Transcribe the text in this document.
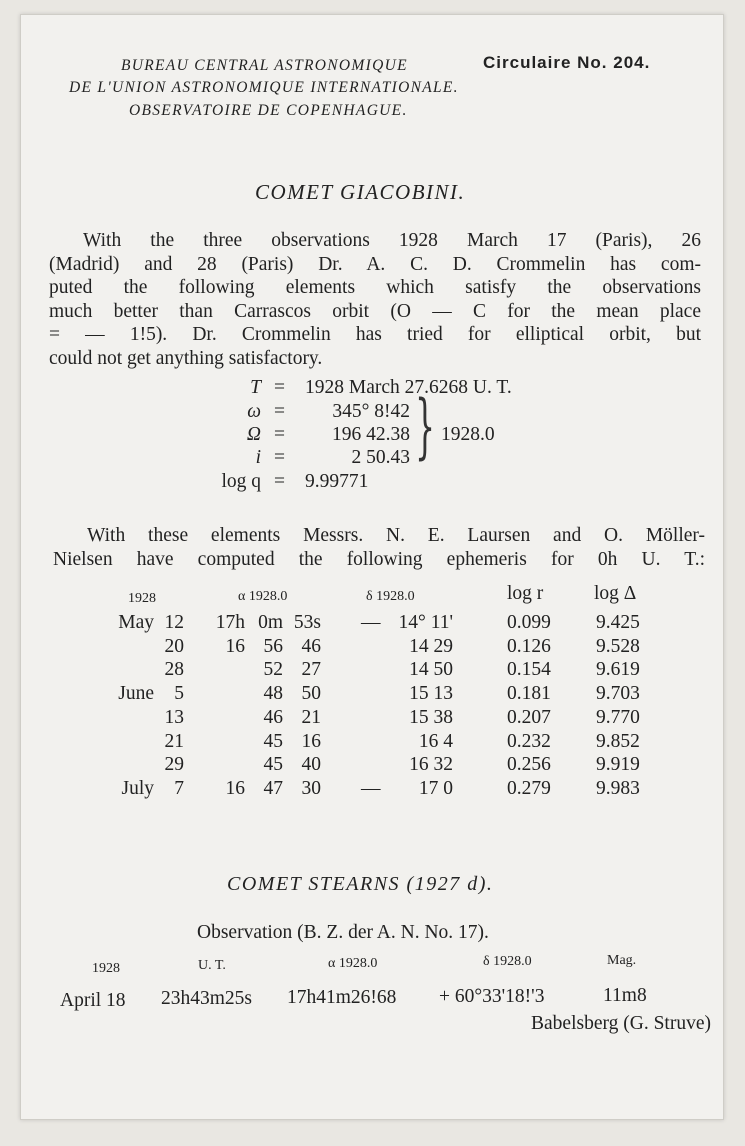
BUREAU CENTRAL ASTRONOMIQUE	Circulaire No. 204.
DE L'UNION ASTRONOMIQUE INTERNATIONALE.
OBSERVATOIRE DE COPENHAGUE.
COMET GIACOBINI.
With the three observations 1928 March 17 (Paris), 26
(Madrid) and 28 (Paris) Dr. A. C. D. Crommelin has com-
puted the following elements which satisfy the observations
much better than Carrascos orbit (O — C for the mean place
= — 1!5). Dr. Crommelin has tried for elliptical orbit, but
could not get anything satisfactory.
T = 1928 March 27.6268 U. T.
ω = 345° 8!42
Ω = 196 42.38
i =	2 50.43
log q = 9.99771
} 1928.0
With these elements Messrs. N. E. Laursen and O. Möller-
Nielsen have computed the following ephemeris for 0h U. T.:
1928	α 1928.0	δ 1928.0	log r	log Δ
May 12 17h 0m 53s — 14° 11'	0.099 9.425
20 16 56 46	14 29	0.126 9.528
28	52 27	14 50	0.154 9.619
June 5	48 50	15 13	0.181 9.703
13	46 21	15 38	0.207 9.770
21	45 16	16 4	0.232 9.852
29	45 40	16 32	0.256 9.919
July 7 16 47 30 — 17 0	0.279 9.983
COMET STEARNS (1927 d).
Observation (B. Z. der A. N. No. 17).
1928	U. T.	α 1928.0	δ 1928.0	Mag.
April 18 23h43m25s 17h41m26!68 + 60°33'18!'3	11m8
Babelsberg (G. Struve)
